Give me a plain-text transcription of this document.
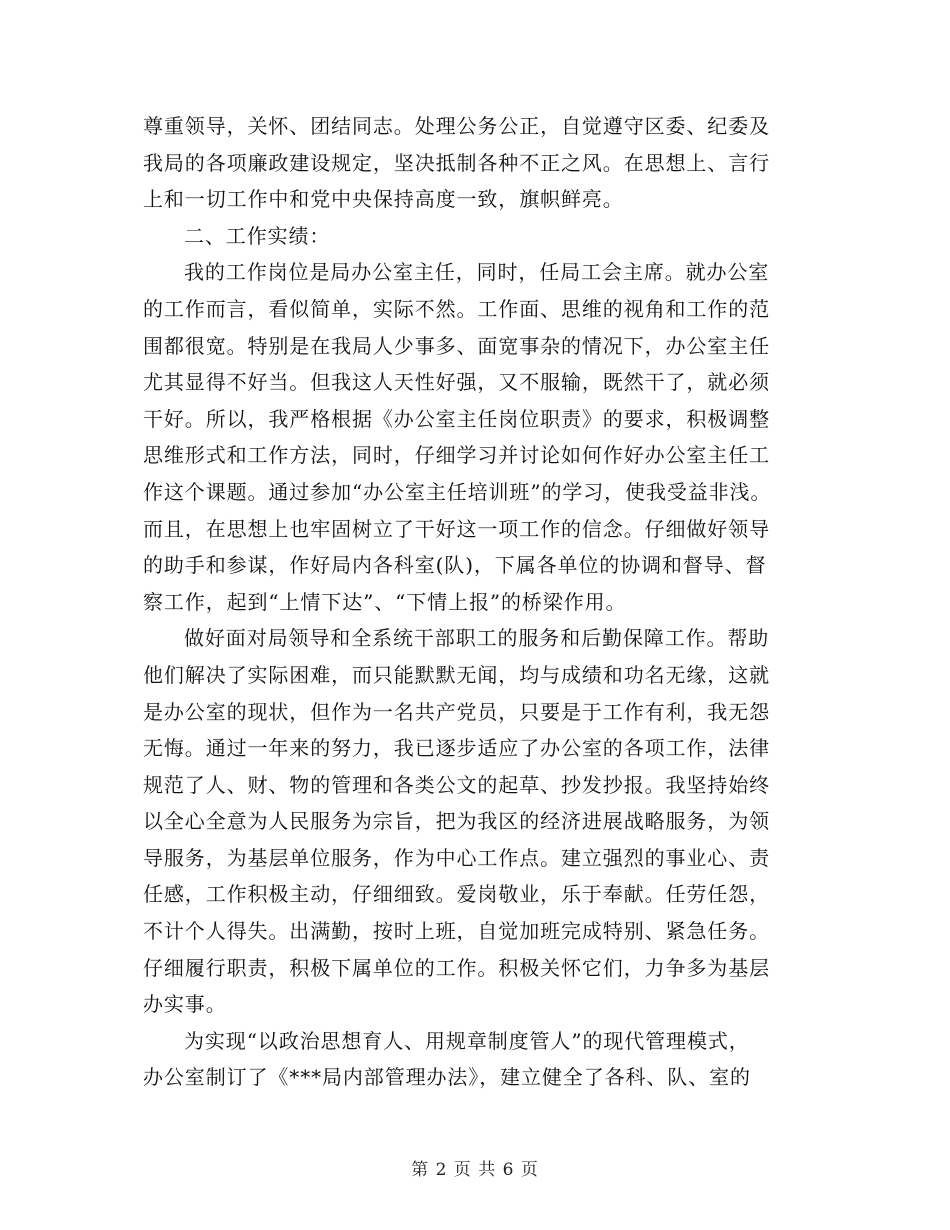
尊重领导，关怀、团结同志。处理公务公正，自觉遵守区委、纪委及
我局的各项廉政建设规定，坚决抵制各种不正之风。在思想上、言行
上和一切工作中和党中央保持高度一致，旗帜鲜亮。
二、工作实绩：
我的工作岗位是局办公室主任，同时，任局工会主席。就办公室
的工作而言，看似简单，实际不然。工作面、思维的视角和工作的范
围都很宽。特别是在我局人少事多、面宽事杂的情况下，办公室主任
尤其显得不好当。但我这人天性好强，又不服输，既然干了，就必须
干好。所以，我严格根据《办公室主任岗位职责》的要求，积极调整
思维形式和工作方法，同时，仔细学习并讨论如何作好办公室主任工
作这个课题。通过参加“办公室主任培训班”的学习，使我受益非浅。
而且，在思想上也牢固树立了干好这一项工作的信念。仔细做好领导
的助手和参谋，作好局内各科室(队)，下属各单位的协调和督导、督
察工作，起到“上情下达”、“下情上报”的桥梁作用。
做好面对局领导和全系统干部职工的服务和后勤保障工作。帮助
他们解决了实际困难，而只能默默无闻，均与成绩和功名无缘，这就
是办公室的现状，但作为一名共产党员，只要是于工作有利，我无怨
无悔。通过一年来的努力，我已逐步适应了办公室的各项工作，法律
规范了人、财、物的管理和各类公文的起草、抄发抄报。我坚持始终
以全心全意为人民服务为宗旨，把为我区的经济进展战略服务，为领
导服务，为基层单位服务，作为中心工作点。建立强烈的事业心、责
任感，工作积极主动，仔细细致。爱岗敬业，乐于奉献。任劳任怨，
不计个人得失。出满勤，按时上班，自觉加班完成特别、紧急任务。
仔细履行职责，积极下属单位的工作。积极关怀它们，力争多为基层
办实事。
为实现“以政治思想育人、用规章制度管人”的现代管理模式，
办公室制订了《***局内部管理办法》，建立健全了各科、队、室的
第 2 页 共 6 页
